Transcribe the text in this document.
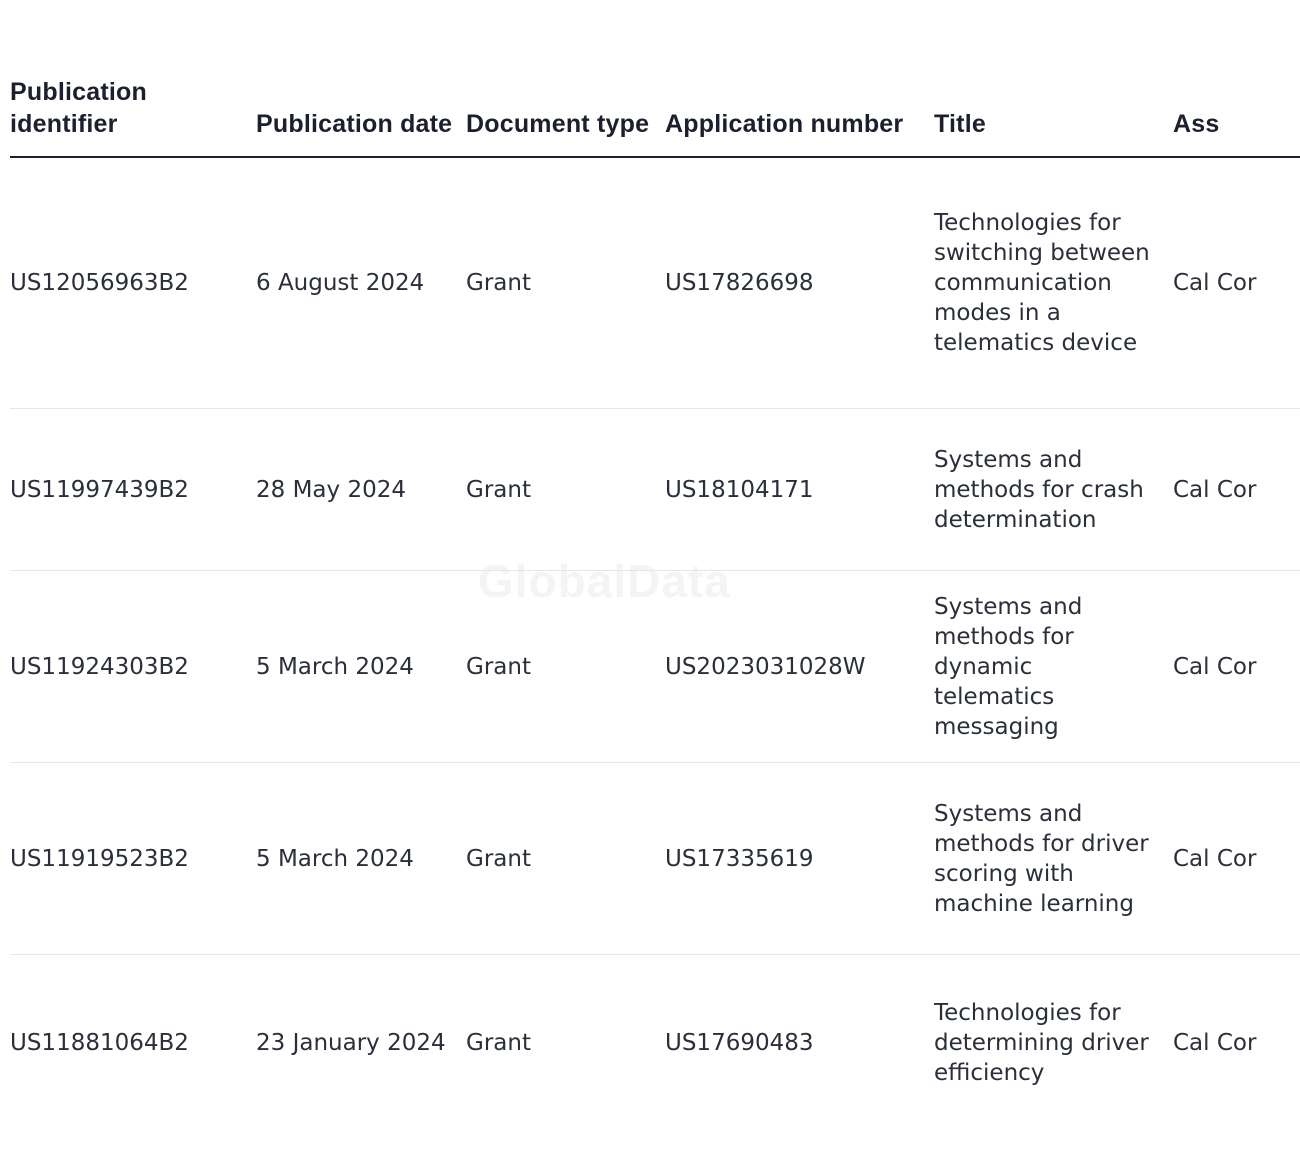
GlobalData
Publication identifier	Publication date	Document type	Application number	Title	Ass
US12056963B2	6 August 2024	Grant	US17826698	Technologies for switching between communication modes in a telematics device	Cal Cor
US11997439B2	28 May 2024	Grant	US18104171	Systems and methods for crash determination	Cal Cor
US11924303B2	5 March 2024	Grant	US2023031028W	Systems and methods for dynamic telematics messaging	Cal Cor
US11919523B2	5 March 2024	Grant	US17335619	Systems and methods for driver scoring with machine learning	Cal Cor
US11881064B2	23 January 2024	Grant	US17690483	Technologies for determining driver efficiency	Cal Cor
